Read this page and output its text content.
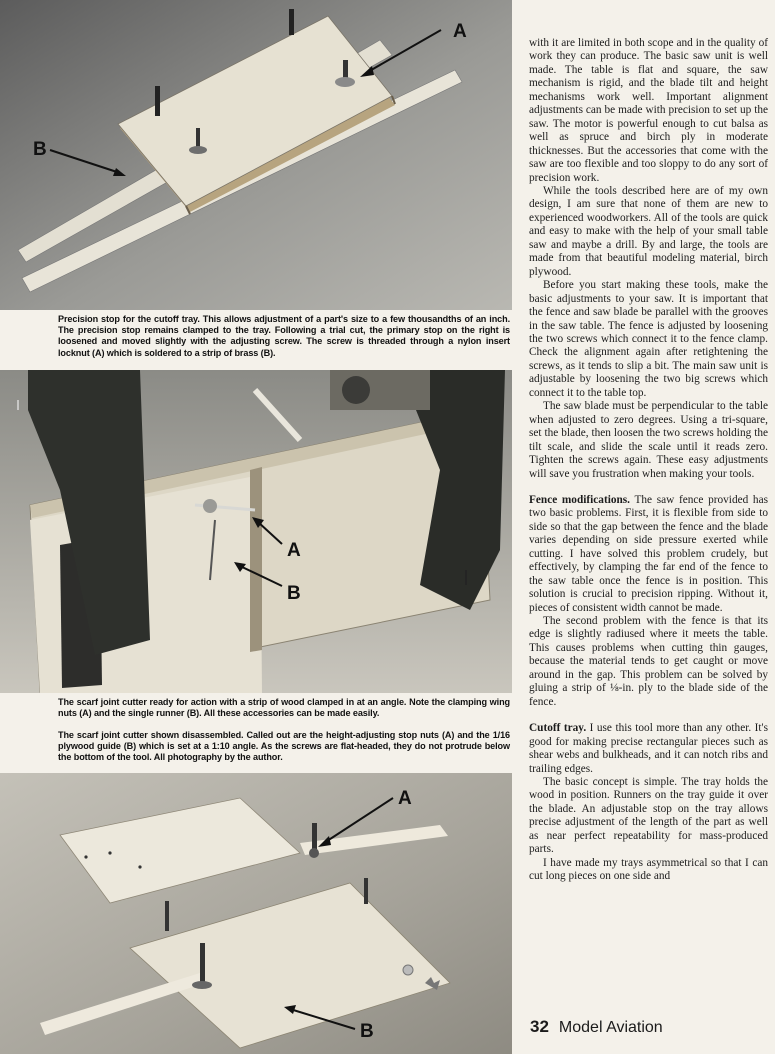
A
B
Precision stop for the cutoff tray. This allows adjustment of a part's size to a few thousandths of an inch. The precision stop remains clamped to the tray. Following a trial cut, the primary stop on the right is loosened and moved slightly with the adjusting screw. The screw is threaded through a nylon insert locknut (A) which is soldered to a strip of brass (B).
A
B
The scarf joint cutter ready for action with a strip of wood clamped in at an angle. Note the clamping wing nuts (A) and the single runner (B). All these accessories can be made easily.
The scarf joint cutter shown disassembled. Called out are the height-adjusting stop nuts (A) and the 1/16 plywood guide (B) which is set at a 1:10 angle. As the screws are flat-headed, they do not protrude below the bottom of the tool. All photography by the author.
A
B

with it are limited in both scope and in the quality of work they can produce. The basic saw unit is well made. The table is flat and square, the saw mechanism is rigid, and the blade tilt and height mechanisms work well. Important alignment adjustments can be made with precision to set up the saw. The motor is powerful enough to cut balsa as well as spruce and birch ply in moderate thicknesses. But the accessories that come with the saw are too flexible and too sloppy to do any sort of precision work.

While the tools described here are of my own design, I am sure that none of them are new to experienced woodworkers. All of the tools are quick and easy to make with the help of your small table saw and maybe a drill. By and large, the tools are made from that beautiful modeling material, birch plywood.

Before you start making these tools, make the basic adjustments to your saw. It is important that the fence and saw blade be parallel with the grooves in the saw table. The fence is adjusted by loosening the two screws which connect it to the fence clamp. Check the alignment again after retightening the screws, as it tends to slip a bit. The main saw unit is adjustable by loosening the two big screws which connect it to the table top.

The saw blade must be perpendicular to the table when adjusted to zero degrees. Using a tri-square, set the blade, then loosen the two screws holding the tilt scale, and slide the scale until it reads zero. Tighten the screws again. These easy adjustments will save you frustration when making your tools.

Fence modifications. The saw fence provided has two basic problems. First, it is flexible from side to side so that the gap between the fence and the blade varies depending on side pressure exerted while cutting. I have solved this problem crudely, but effectively, by clamping the far end of the fence to the saw table once the fence is in position. This solution is crucial to precision ripping. Without it, pieces of consistent width cannot be made.

The second problem with the fence is that its edge is slightly radiused where it meets the table. This causes problems when cutting thin gauges, because the material tends to get caught or move around in the gap. This problem can be solved by gluing a strip of ⅛-in. ply to the blade side of the fence.

Cutoff tray. I use this tool more than any other. It's good for making precise rectangular pieces such as shear webs and bulkheads, and it can notch ribs and trailing edges.

The basic concept is simple. The tray holds the wood in position. Runners on the tray guide it over the blade. An adjustable stop on the tray allows precise adjustment of the length of the part as well as near perfect repeatability for mass-produced parts.

I have made my trays asymmetrical so that I can cut long pieces on one side and

32 Model Aviation
